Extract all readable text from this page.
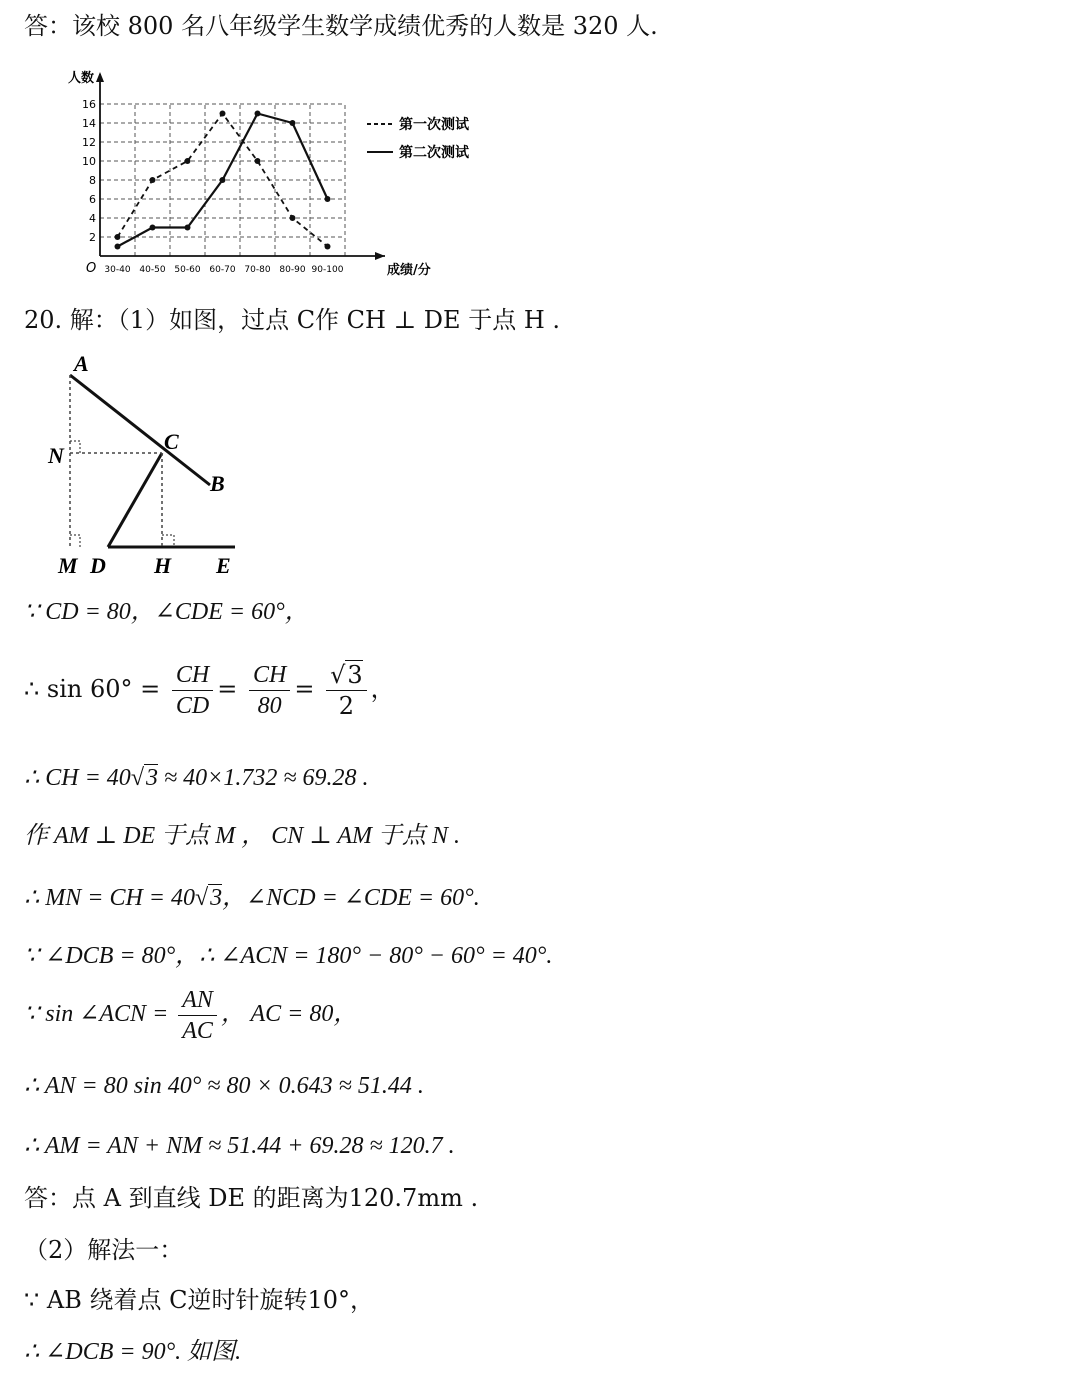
答：该校 800 名八年级学生数学成绩优秀的人数是 320 人.
2
4
6
8
10
12
14
16
30-40 40-50 50-60 60-70 70-80 80-90 90-100
O
人数
成绩/分
第一次测试
第二次测试
20. 解：（1）如图，过点 C作 CH ⊥ DE 于点 H .
A
C
B
N
M D H E
∵ CD = 80，∠CDE = 60°，
∴ $\sin 60^\circ = \frac{CH}{CD} = \frac{CH}{80} = \frac{√3}{2}$ ，
∴ CH = 40√3 ≈ 40×1.732 ≈ 69.28 .
作 AM ⊥ DE 于点 M ， CN ⊥ AM 于点 N .
∴ MN = CH = 40√3，∠NCD = ∠CDE = 60°.
∵ ∠DCB = 80°，∴ ∠ACN = 180° − 80° − 60° = 40°.
∵ sin ∠ACN = $\frac{AN}{AC}$ ， AC = 80，
∴ AN = 80 sin 40° ≈ 80 × 0.643 ≈ 51.44 .
∴ AM = AN + NM ≈ 51.44 + 69.28 ≈ 120.7 .
答：点 A 到直线 DE 的距离为120.7mm .
（2）解法一：
∵ AB 绕着点 C逆时针旋转10°，
∴ ∠DCB = 90°. 如图.
